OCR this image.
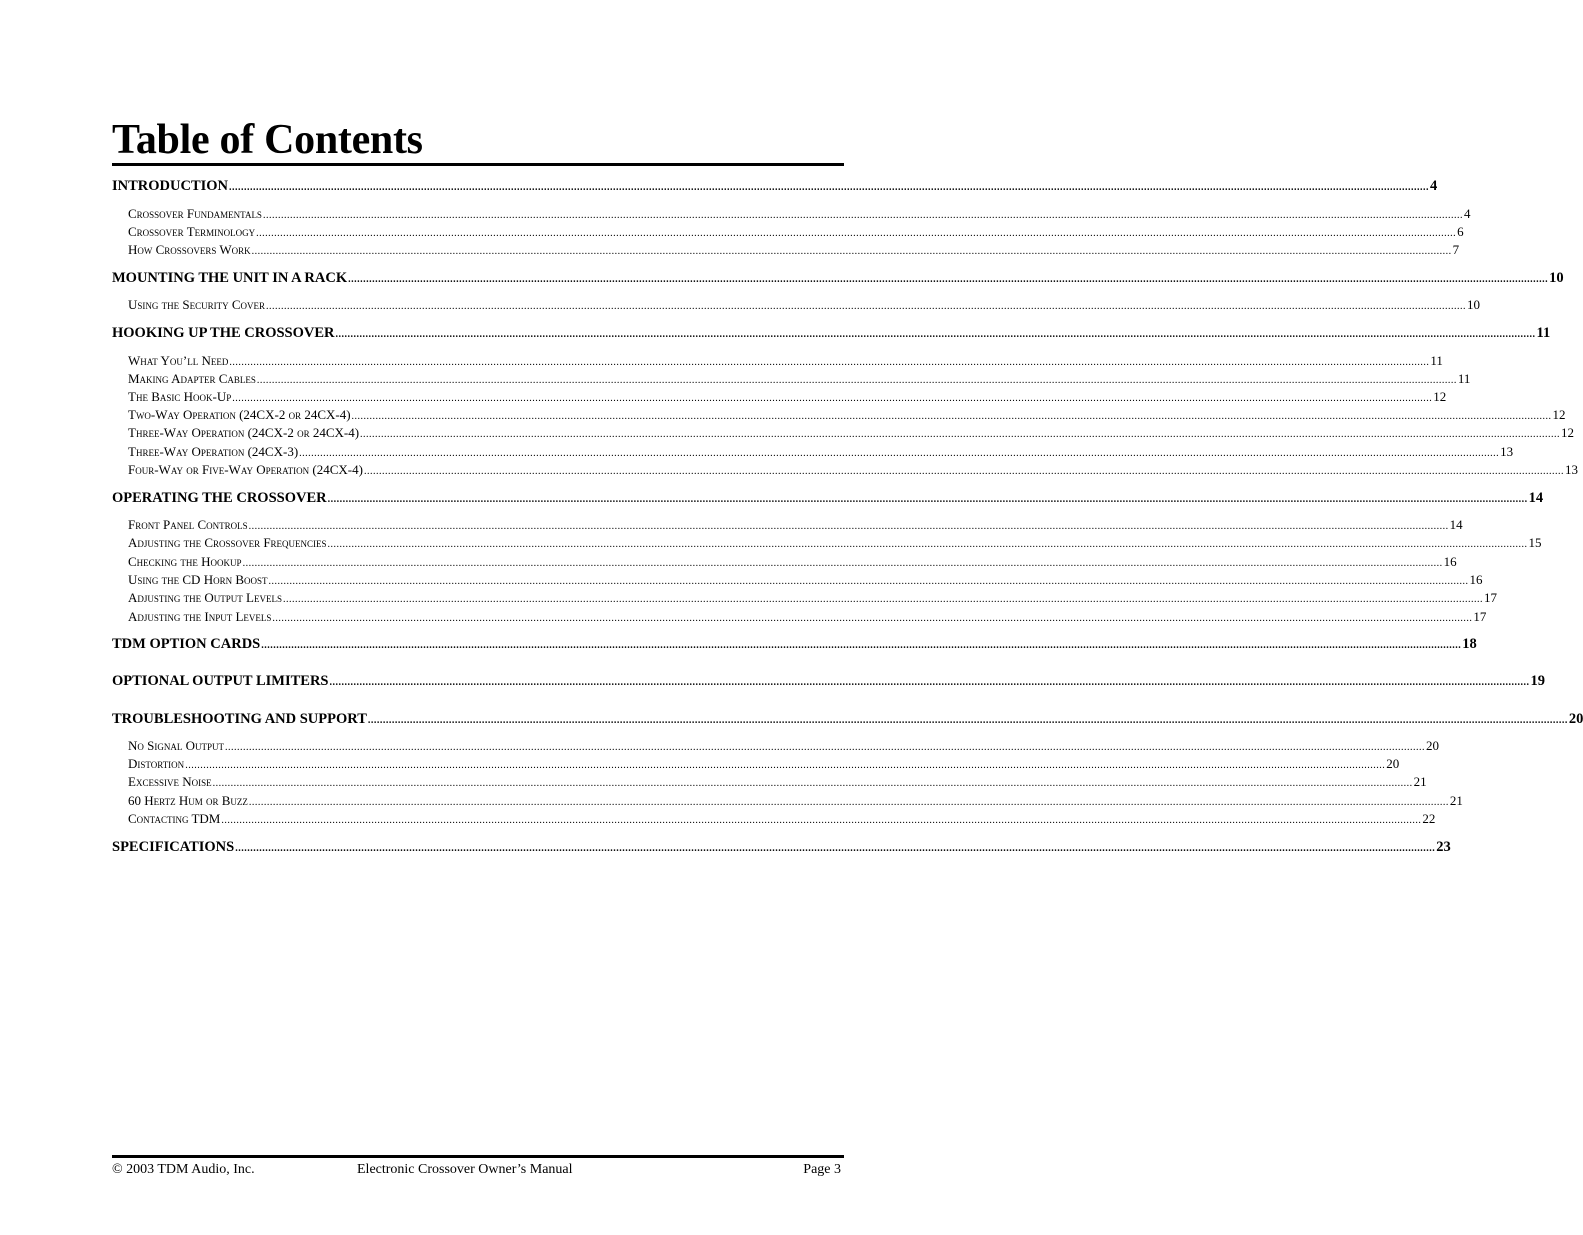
Table of Contents
INTRODUCTION ................................................................................................................................................................................................................................................................................................................................................................................................................ 4
Crossover Fundamentals ................................................................................................................................................................................................................................................................................................................................................................................................................ 4
Crossover Terminology ................................................................................................................................................................................................................................................................................................................................................................................................................ 6
How Crossovers Work ................................................................................................................................................................................................................................................................................................................................................................................................................ 7
MOUNTING THE UNIT IN A RACK ................................................................................................................................................................................................................................................................................................................................................................................................................ 10
Using the Security Cover ................................................................................................................................................................................................................................................................................................................................................................................................................ 10
HOOKING UP THE CROSSOVER ................................................................................................................................................................................................................................................................................................................................................................................................................ 11
What You’ll Need ................................................................................................................................................................................................................................................................................................................................................................................................................ 11
Making Adapter Cables ................................................................................................................................................................................................................................................................................................................................................................................................................ 11
The Basic Hook-Up ................................................................................................................................................................................................................................................................................................................................................................................................................ 12
Two-Way Operation (24CX-2 or 24CX-4) ................................................................................................................................................................................................................................................................................................................................................................................................................ 12
Three-Way Operation (24CX-2 or 24CX-4) ................................................................................................................................................................................................................................................................................................................................................................................................................ 12
Three-Way Operation (24CX-3) ................................................................................................................................................................................................................................................................................................................................................................................................................ 13
Four-Way or Five-Way Operation (24CX-4) ................................................................................................................................................................................................................................................................................................................................................................................................................ 13
OPERATING THE CROSSOVER ................................................................................................................................................................................................................................................................................................................................................................................................................ 14
Front Panel Controls ................................................................................................................................................................................................................................................................................................................................................................................................................ 14
Adjusting the Crossover Frequencies ................................................................................................................................................................................................................................................................................................................................................................................................................ 15
Checking the Hookup ................................................................................................................................................................................................................................................................................................................................................................................................................ 16
Using the CD Horn Boost ................................................................................................................................................................................................................................................................................................................................................................................................................ 16
Adjusting the Output Levels ................................................................................................................................................................................................................................................................................................................................................................................................................ 17
Adjusting the Input Levels ................................................................................................................................................................................................................................................................................................................................................................................................................ 17
TDM OPTION CARDS ................................................................................................................................................................................................................................................................................................................................................................................................................ 18
OPTIONAL OUTPUT LIMITERS ................................................................................................................................................................................................................................................................................................................................................................................................................ 19
TROUBLESHOOTING AND SUPPORT ................................................................................................................................................................................................................................................................................................................................................................................................................ 20
No Signal Output ................................................................................................................................................................................................................................................................................................................................................................................................................ 20
Distortion ................................................................................................................................................................................................................................................................................................................................................................................................................ 20
Excessive Noise ................................................................................................................................................................................................................................................................................................................................................................................................................ 21
60 Hertz Hum or Buzz ................................................................................................................................................................................................................................................................................................................................................................................................................ 21
Contacting TDM ................................................................................................................................................................................................................................................................................................................................................................................................................ 22
SPECIFICATIONS ................................................................................................................................................................................................................................................................................................................................................................................................................ 23
© 2003 TDM Audio, Inc.	Electronic Crossover Owner’s Manual	Page 3
